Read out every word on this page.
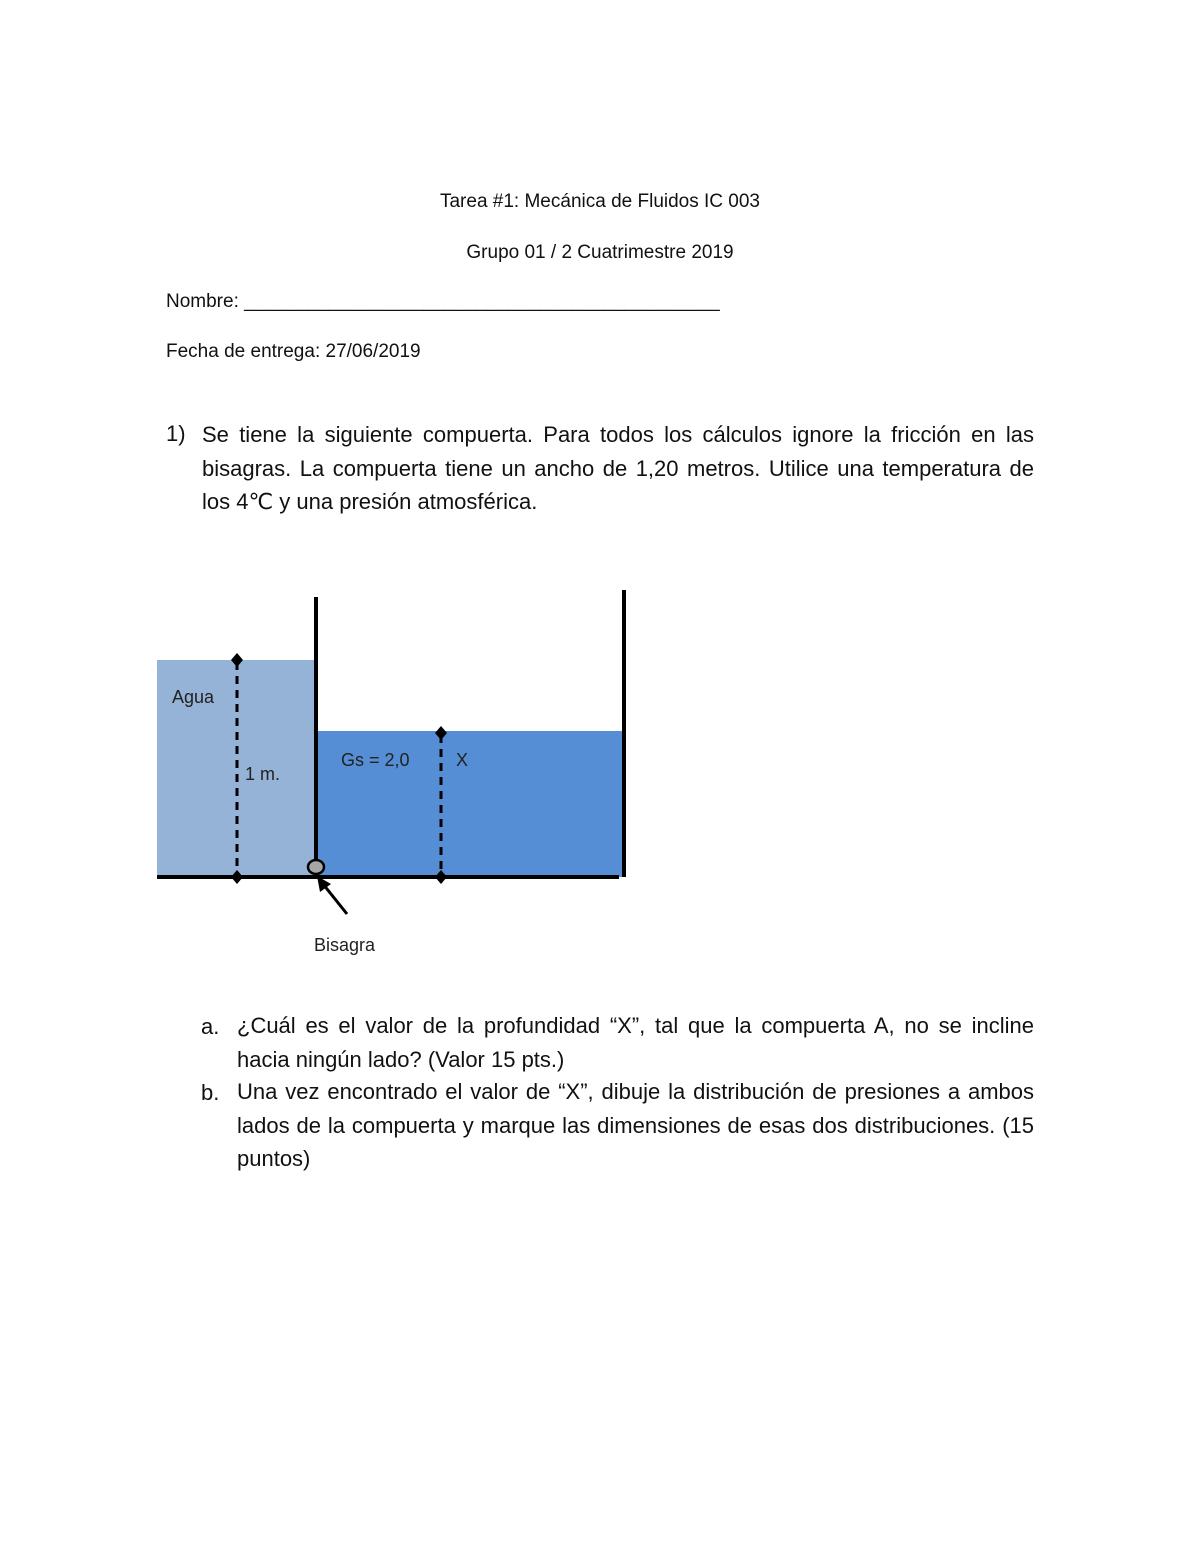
Tarea #1: Mecánica de Fluidos IC 003
Grupo 01 / 2 Cuatrimestre 2019
Nombre: _____________________________________________
Fecha de entrega: 27/06/2019
1) Se tiene la siguiente compuerta. Para todos los cálculos ignore la fricción en las bisagras. La compuerta tiene un ancho de 1,20 metros. Utilice una temperatura de los 4℃ y una presión atmosférica.
Agua
1 m.
Gs = 2,0	X
Bisagra
a. ¿Cuál es el valor de la profundidad “X”, tal que la compuerta A, no se incline hacia ningún lado? (Valor 15 pts.)
b. Una vez encontrado el valor de “X”, dibuje la distribución de presiones a ambos lados de la compuerta y marque las dimensiones de esas dos distribuciones. (15 puntos)
